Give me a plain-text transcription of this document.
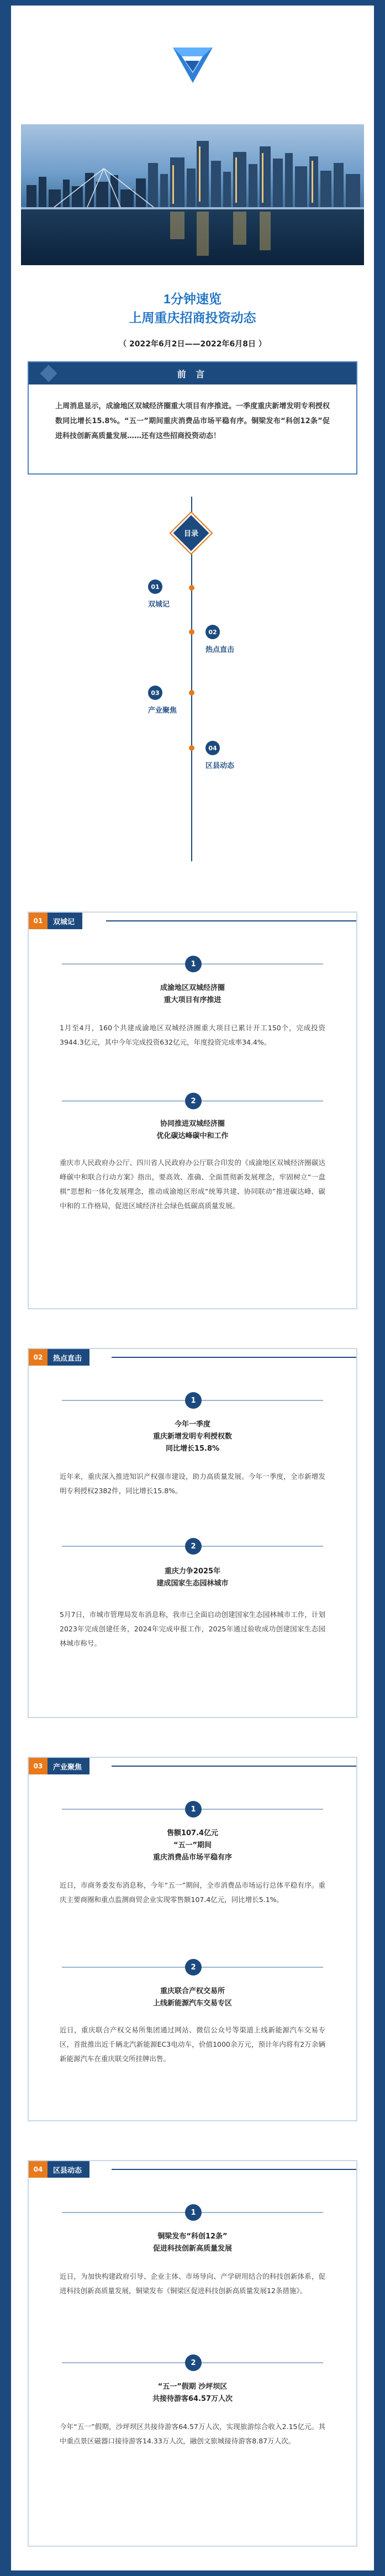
1分钟速览
上周重庆招商投资动态
（ 2022年6月2日——2022年6月8日 ）
前 言
上周消息显示，成渝地区双城经济圈重大项目有序推进。一季度重庆新增发明专利授权数同比增长15.8%。“五一”期间重庆消费品市场平稳有序。铜梁发布“科创12条”促进科技创新高质量发展……还有这些招商投资动态！
目录
01
双城记
02
热点直击
03
产业聚焦
04
区县动态
01	双城记
1
成渝地区双城经济圈
重大项目有序推进
1月至4月，160个共建成渝地区双城经济圈重大项目已累计开工150个，完成投资3944.3亿元，其中今年完成投资632亿元，年度投资完成率34.4%。
2
协同推进双城经济圈
优化碳达峰碳中和工作
重庆市人民政府办公厅、四川省人民政府办公厅联合印发的《成渝地区双城经济圈碳达峰碳中和联合行动方案》指出，要高效、准确、全面贯彻新发展理念，牢固树立“一盘棋”思想和一体化发展理念，推动成渝地区形成“统筹共建、协同联动”推进碳达峰、碳中和的工作格局，促进区域经济社会绿色低碳高质量发展。
02	热点直击
1
今年一季度
重庆新增发明专利授权数
同比增长15.8%
近年来，重庆深入推进知识产权强市建设，助力高质量发展。今年一季度，全市新增发明专利授权2382件，同比增长15.8%。
2
重庆力争2025年
建成国家生态园林城市
5月7日，市城市管理局发布消息称，我市已全面启动创建国家生态园林城市工作，计划2023年完成创建任务，2024年完成申报工作，2025年通过验收成功创建国家生态园林城市称号。
03	产业聚焦
1
售额107.4亿元
“五一”期间
重庆消费品市场平稳有序
近日，市商务委发布消息称，今年“五一”期间，全市消费品市场运行总体平稳有序。重庆主要商圈和重点监测商贸企业实现零售额107.4亿元，同比增长5.1%。
2
重庆联合产权交易所
上线新能源汽车交易专区
近日，重庆联合产权交易所集团通过网站、微信公众号等渠道上线新能源汽车交易专区，首批推出近千辆北汽新能源EC3电动车，价值1000余万元，预计年内将有2万余辆新能源汽车在重庆联交所挂牌出售。
04	区县动态
1
铜梁发布“科创12条”
促进科技创新高质量发展
近日，为加快构建政府引导、企业主体、市场导向、产学研用结合的科技创新体系，促进科技创新高质量发展，铜梁发布《铜梁区促进科技创新高质量发展12条措施》。
2
“五一”假期 沙坪坝区
共接待游客64.57万人次
今年“五一”假期，沙坪坝区共接待游客64.57万人次，实现旅游综合收入2.15亿元。其中重点景区磁器口接待游客14.33万人次，融创文旅城接待游客8.87万人次。
